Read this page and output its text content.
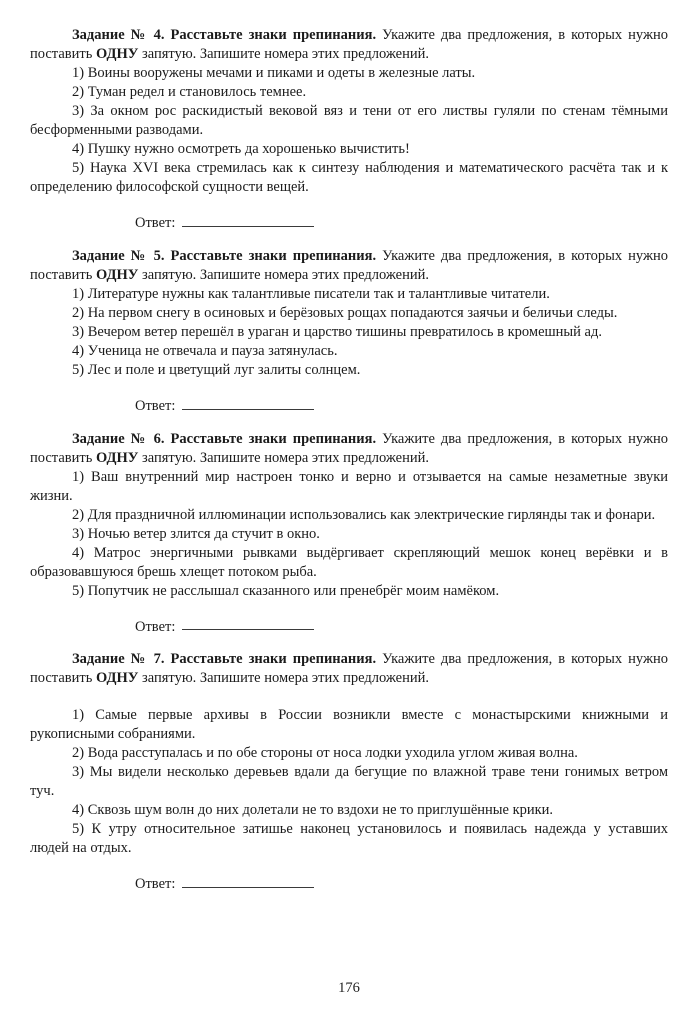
Задание № 4. Расставьте знаки препинания. Укажите два предложения, в которых нужно поставить ОДНУ запятую. Запишите номера этих предложений.

1) Воины вооружены мечами и пиками и одеты в железные латы.

2) Туман редел и становилось темнее.

3) За окном рос раскидистый вековой вяз и тени от его листвы гуляли по стенам тёмными бесформенными разводами.

4) Пушку нужно осмотреть да хорошенько вычистить!

5) Наука XVI века стремилась как к синтезу наблюдения и математического расчёта так и к определению философской сущности вещей.

Ответ:

Задание № 5. Расставьте знаки препинания. Укажите два предложения, в которых нужно поставить ОДНУ запятую. Запишите номера этих предложений.

1) Литературе нужны как талантливые писатели так и талантливые читатели.

2) На первом снегу в осиновых и берёзовых рощах попадаются заячьи и беличьи следы.

3) Вечером ветер перешёл в ураган и царство тишины превратилось в кромешный ад.

4) Ученица не отвечала и пауза затянулась.

5) Лес и поле и цветущий луг залиты солнцем.

Ответ:

Задание № 6. Расставьте знаки препинания. Укажите два предложения, в которых нужно поставить ОДНУ запятую. Запишите номера этих предложений.

1) Ваш внутренний мир настроен тонко и верно и отзывается на самые незаметные звуки жизни.

2) Для праздничной иллюминации использовались как электрические гирлянды так и фонари.

3) Ночью ветер злится да стучит в окно.

4) Матрос энергичными рывками выдёргивает скрепляющий мешок конец верёвки и в образовавшуюся брешь хлещет потоком рыба.

5) Попутчик не расслышал сказанного или пренебрёг моим намёком.

Ответ:

Задание № 7. Расставьте знаки препинания. Укажите два предложения, в которых нужно поставить ОДНУ запятую. Запишите номера этих предложений.

1) Самые первые архивы в России возникли вместе с монастырскими книжными и рукописными собраниями.

2) Вода расступалась и по обе стороны от носа лодки уходила углом живая волна.

3) Мы видели несколько деревьев вдали да бегущие по влажной траве тени гонимых ветром туч.

4) Сквозь шум волн до них долетали не то вздохи не то приглушённые крики.

5) К утру относительное затишье наконец установилось и появилась надежда у уставших людей на отдых.

Ответ:
176
